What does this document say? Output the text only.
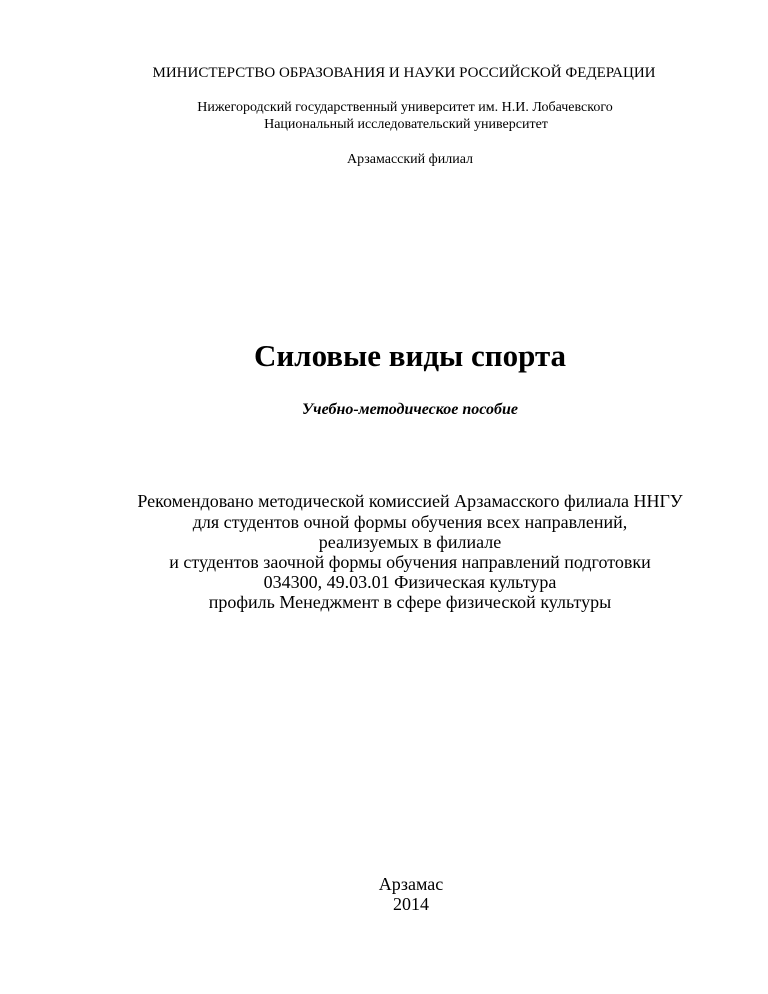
МИНИСТЕРСТВО ОБРАЗОВАНИЯ И НАУКИ РОССИЙСКОЙ ФЕДЕРАЦИИ
Нижегородский государственный университет им. Н.И. Лобачевского
Национальный исследовательский университет
Арзамасский филиал
Силовые виды спорта
Учебно-методическое пособие
Рекомендовано методической комиссией Арзамасского филиала ННГУ
для студентов очной формы обучения всех направлений,
реализуемых в филиале
и студентов заочной формы обучения направлений подготовки
034300, 49.03.01 Физическая культура
профиль Менеджмент в сфере физической культуры
Арзамас
2014
